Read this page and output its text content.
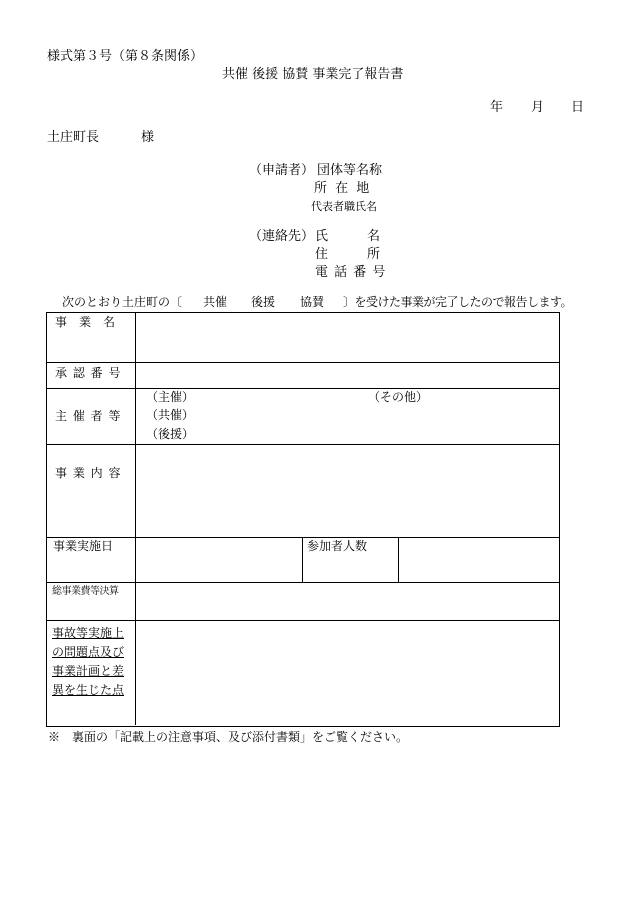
様式第３号（第８条関係）
共催 後援 協賛 事業完了報告書
年 月 日
土庄町長	様
（申請者） 団体等名称
所 在 地
代表者職氏名
（連絡先） 氏　　　名
住　　　所
電 話 番 号
次のとおり土庄町の〔 共催 後援 協賛 〕を受けた事業が完了したので報告します。
事　業　名
承 認 番 号
主 催 者 等
（主催）	（その他）
（共催）
（後援）
事 業 内 容
事業実施日	参加者人数
総事業費等決算
事故等実施上
の問題点及び
事業計画と差
異を生じた点
※　裏面の「記載上の注意事項、及び添付書類」をご覧ください。
